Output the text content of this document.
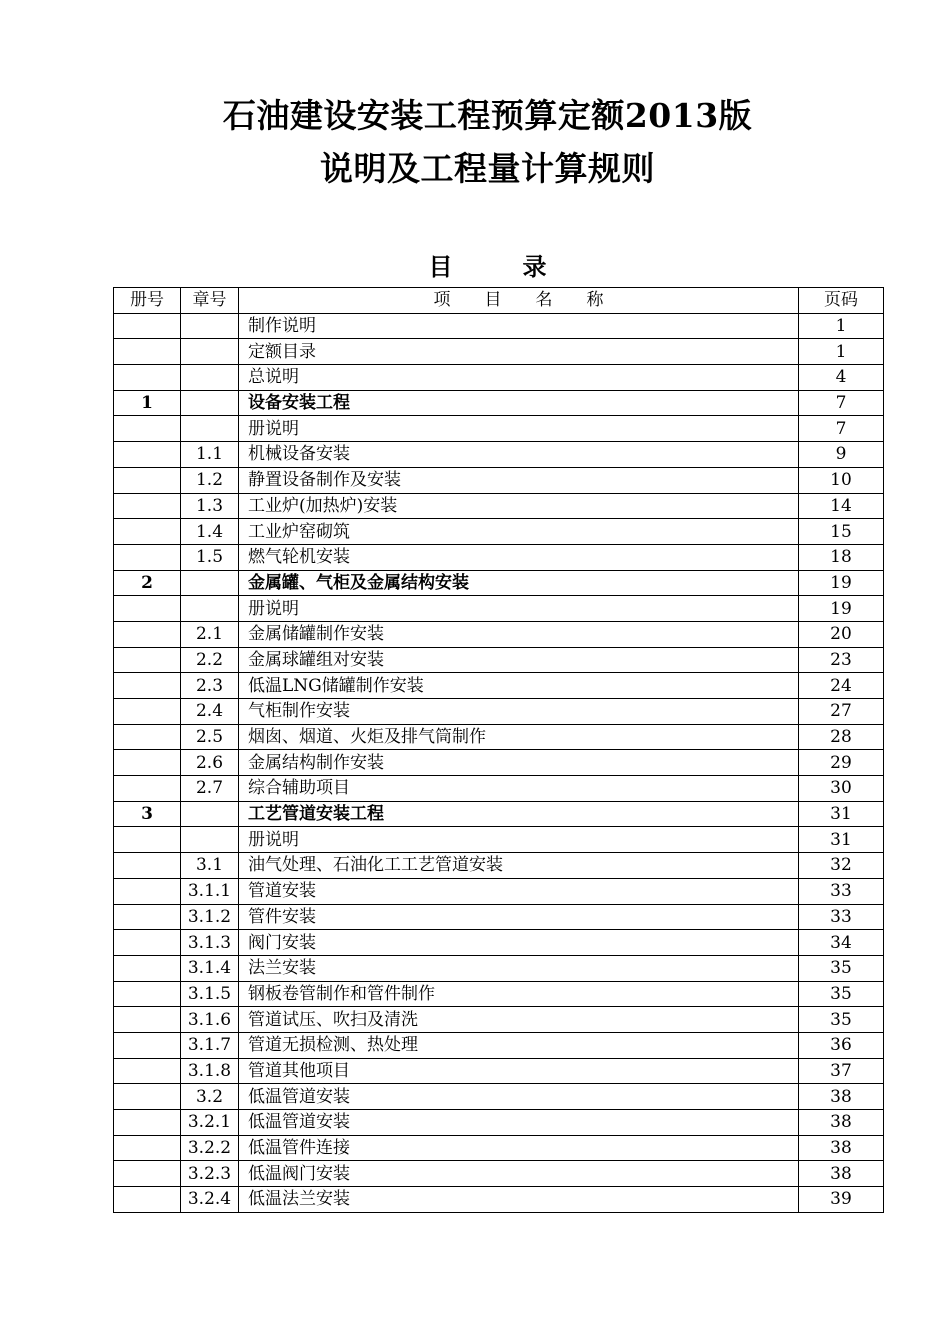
石油建设安装工程预算定额2013版
说明及工程量计算规则
目	录
册号	章号	项　　目　　名　　称	页码
		制作说明	1
		定额目录	1
		总说明	4
1		设备安装工程	7
		册说明	7
	1.1	机械设备安装	9
	1.2	静置设备制作及安装	10
	1.3	工业炉(加热炉)安装	14
	1.4	工业炉窑砌筑	15
	1.5	燃气轮机安装	18
2		金属罐、气柜及金属结构安装	19
		册说明	19
	2.1	金属储罐制作安装	20
	2.2	金属球罐组对安装	23
	2.3	低温LNG储罐制作安装	24
	2.4	气柜制作安装	27
	2.5	烟囱、烟道、火炬及排气筒制作	28
	2.6	金属结构制作安装	29
	2.7	综合辅助项目	30
3		工艺管道安装工程	31
		册说明	31
	3.1	油气处理、石油化工工艺管道安装	32
	3.1.1	管道安装	33
	3.1.2	管件安装	33
	3.1.3	阀门安装	34
	3.1.4	法兰安装	35
	3.1.5	钢板卷管制作和管件制作	35
	3.1.6	管道试压、吹扫及清洗	35
	3.1.7	管道无损检测、热处理	36
	3.1.8	管道其他项目	37
	3.2	低温管道安装	38
	3.2.1	低温管道安装	38
	3.2.2	低温管件连接	38
	3.2.3	低温阀门安装	38
	3.2.4	低温法兰安装	39
